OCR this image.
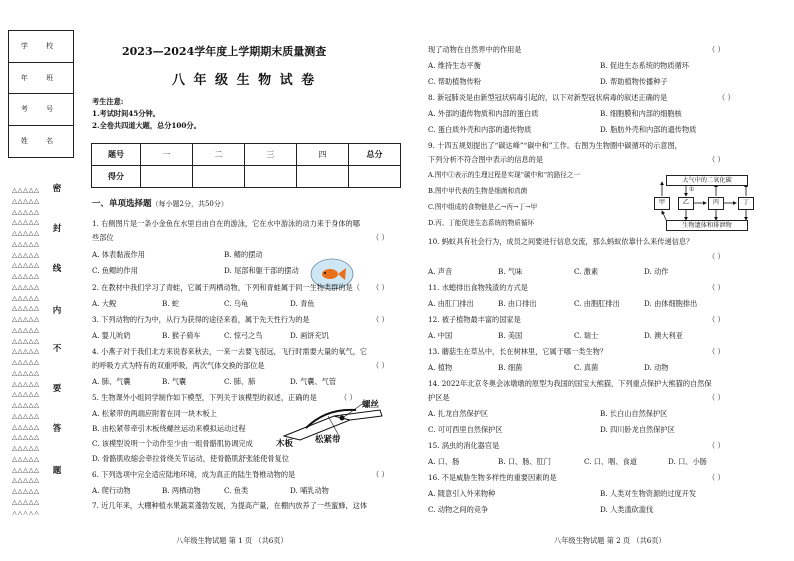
学 校
年 班
考 号
姓 名
△△△△△
△△△△△
△△△△△
△△△△△
△△△△△
△△△△△
△△△△△
△△△△△
△△△△△
△△△△△
△△△△△
△△△△△
△△△△△
△△△△△
△△△△△
△△△△△
△△△△△
△△△△△
△△△△△
△△△△△
△△△△△
△△△△△
△△△△△
△△△△△
△△△△△
△△△△△
△△△△△
△△△△△
△△△△△
△△△△△
△△△△△
密
封
线
内
不
要
答
题
2023—2024学年度上学期期末质量测查
八 年 级 生 物 试 卷
考生注意:
1.考试时间45分钟。
2.全卷共四道大题，总分100分。
题号	一	二	三	四	总分
得分					
一、单项选择题（每小题2分，共50分）
1. 右侧图片是一条小金鱼在水里自由自在的游泳，它在水中游泳的动力来于身体的哪
些部位	（ ）
A. 体表黏液作用	B. 鳍的摆动
C. 鱼鳃的作用	D. 尾部和躯干部的摆动
2. 在教材中我们学习了青蛙，它属于两栖动物，下列和青蛙属于同一生物类群的是（ （ ）
A. 大鲵	B. 蛇	C. 乌龟	D. 青鱼
3. 下列动物的行为中，从行为获得的途径来看，属于先天性行为的是	（ ）
A. 婴儿吮奶	B. 猴子骑车	C. 惊弓之鸟	D. 画饼充饥
4. 小燕子对于我们北方来说春来秋去，一来一去要飞很远，飞行时需要大量的氧气，它
的呼吸方式为特有的双重呼吸，两次气体交换的部位是	（ ）
A. 肺、气囊	B. 气囊	C. 肺、肺	D. 气囊、气管
5. 生物课外小组同学制作如下模型，下列关于该模型的叙述，正确的是	（ ）
A. 松紧带的两端应附着在同一块木板上
B. 由松紧带牵引木板绕螺丝运动来模拟运动过程
C. 该模型说明一个动作至少由一组骨骼肌协调完成
D. 骨骼肌收缩会牵拉骨绕关节运动，使骨骼肌舒张能使骨复位
螺丝
松紧带
木板
6. 下列选项中完全适应陆地环境，成为真正的陆生脊椎动物的是	（ ）
A. 爬行动物	B. 两栖动物	C. 鱼类	D. 哺乳动物
7. 近几年来，大棚种植水果蔬菜蓬勃发展，为提高产量，在棚内放养了一些蜜蜂，这体
八年级生物试题 第 1 页 （共6页）
现了动物在自然界中的作用是	（ ）
A. 维持生态平衡	B. 促进生态系统的物质循环
C. 帮助植物传粉	D. 帮助植物传播种子
8. 新冠肺炎是由新型冠状病毒引起的，以下对新型冠状病毒的叙述正确的是	（ ）
A. 外部的遗传物质和内部的蛋白质	B. 细胞膜和内部的细胞核
C. 蛋白质外壳和内部的遗传物质	D. 脂肪外壳和内部的遗传物质
9. 十四五规划提出了“碳达峰”“碳中和”工作。右图为生物圈中碳循环的示意图，
下列分析不符合图中表示的信息的是	（ ）
A.图中①表示的生理过程是实现“碳中和”的路径之一
B.图中甲代表的生物是细菌和真菌
C.图中组成的食物链是乙→丙→丁→甲
D.丙、丁能促进生态系统的物质循环
大气中的二氧化碳
甲	乙	丙	丁
①
生物遗体和排泄物
10. 蚂蚁具有社会行为，成员之间要进行信息交流，那么蚂蚁依靠什么来传递信息？
（ ）
A. 声音	B. 气味	C. 激素	D. 动作
11. 水螅排出食物残渣的方式是	（ ）
A. 由肛门排出	B. 由口排出	C. 由胞肛排出	D. 由体细胞排出
12. 被子植物最丰富的国家是	（ ）
A. 中国	B. 美国	C. 瑞士	D. 澳大利亚
13. 蘑菇生在草丛中，长在树林里，它属于哪一类生物？	（ ）
A. 植物	B. 细菌	C. 真菌	D. 动物
14. 2022年北京冬奥会冰墩墩的原型为我国的国宝大熊猫，下列重点保护大熊猫的自然保
护区是	（ ）
A. 扎龙自然保护区	B. 长白山自然保护区
C. 可可西里自然保护区	D. 四川卧龙自然保护区
15. 涡虫的消化器官是	（ ）
A. 口、肠	B. 口、肠、肛门	C. 口、咽、食道	D. 口、小肠
16. 不是威胁生物多样性的重要因素的是	（ ）
A. 随意引入外来物种	B. 人类对生物资源的过度开发
C. 动物之间的竞争	D. 人类滥砍滥伐
八年级生物试题 第 2 页 （共6页）
